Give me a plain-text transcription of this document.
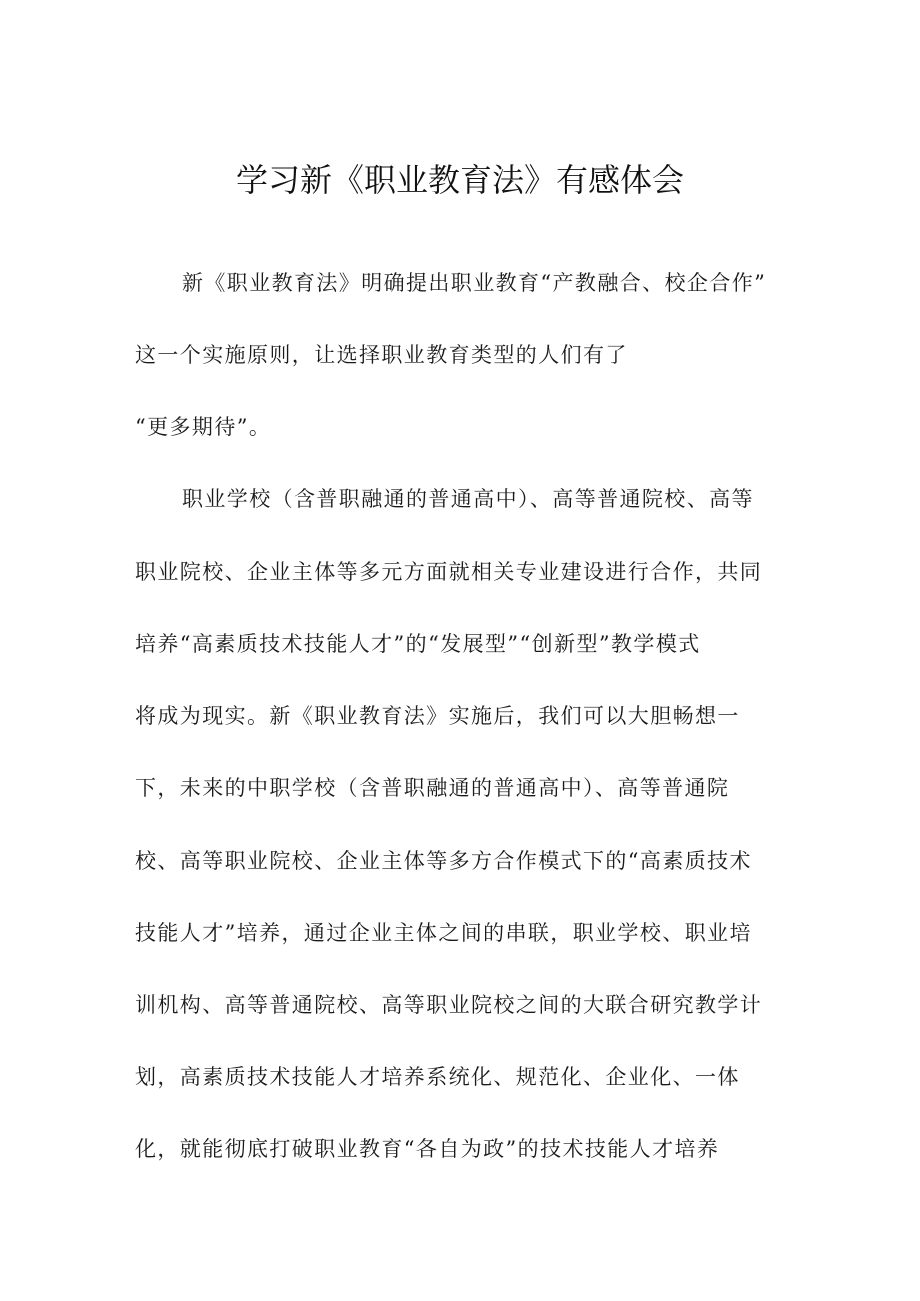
学习新《职业教育法》有感体会
新《职业教育法》明确提出职业教育“产教融合、校企合作”
这一个实施原则，让选择职业教育类型的人们有了
“更多期待”。
职业学校（含普职融通的普通高中）、高等普通院校、高等
职业院校、企业主体等多元方面就相关专业建设进行合作，共同
培养“高素质技术技能人才”的“发展型”“创新型”教学模式
将成为现实。新《职业教育法》实施后，我们可以大胆畅想一
下，未来的中职学校（含普职融通的普通高中）、高等普通院
校、高等职业院校、企业主体等多方合作模式下的“高素质技术
技能人才”培养，通过企业主体之间的串联，职业学校、职业培
训机构、高等普通院校、高等职业院校之间的大联合研究教学计
划，高素质技术技能人才培养系统化、规范化、企业化、一体
化，就能彻底打破职业教育“各自为政”的技术技能人才培养
